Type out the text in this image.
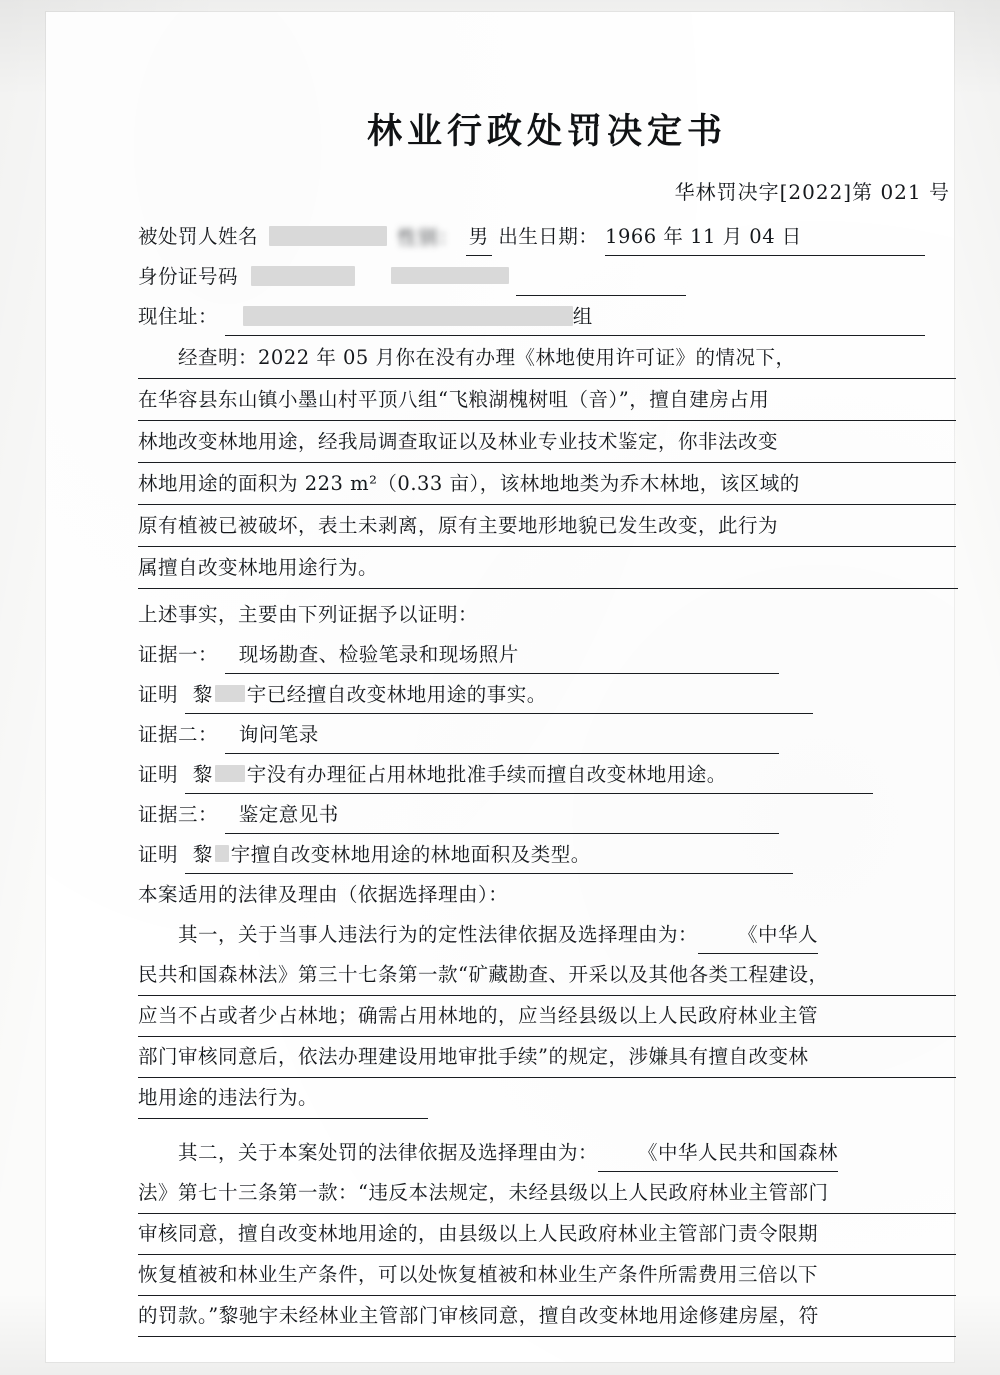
林业行政处罚决定书
华林罚决字[2022]第 021 号
被处罚人姓名	性别： 男 出生日期： 1966 年 11 月 04 日
身份证号码
现住址：	组
经查明：2022 年 05 月你在没有办理《林地使用许可证》的情况下，
在华容县东山镇小墨山村平顶八组“飞粮湖槐树咀（音）”，擅自建房占用
林地改变林地用途，经我局调查取证以及林业专业技术鉴定，你非法改变
林地用途的面积为 223 m²（0.33 亩），该林地地类为乔木林地，该区域的
原有植被已被破坏，表土未剥离，原有主要地形地貌已发生改变，此行为
属擅自改变林地用途行为。
上述事实，主要由下列证据予以证明：
证据一： 现场勘查、检验笔录和现场照片
证明 黎 宇已经擅自改变林地用途的事实。
证据二： 询问笔录
证明 黎 宇没有办理征占用林地批准手续而擅自改变林地用途。
证据三： 鉴定意见书
证明 黎 宇擅自改变林地用途的林地面积及类型。
本案适用的法律及理由（依据选择理由）：
其一，关于当事人违法行为的定性法律依据及选择理由为： 《中华人
民共和国森林法》第三十七条第一款“矿藏勘查、开采以及其他各类工程建设，
应当不占或者少占林地；确需占用林地的，应当经县级以上人民政府林业主管
部门审核同意后，依法办理建设用地审批手续”的规定，涉嫌具有擅自改变林
地用途的违法行为。
其二，关于本案处罚的法律依据及选择理由为： 《中华人民共和国森林
法》第七十三条第一款：“违反本法规定，未经县级以上人民政府林业主管部门
审核同意，擅自改变林地用途的，由县级以上人民政府林业主管部门责令限期
恢复植被和林业生产条件，可以处恢复植被和林业生产条件所需费用三倍以下
的罚款。”黎驰宇未经林业主管部门审核同意，擅自改变林地用途修建房屋，符
